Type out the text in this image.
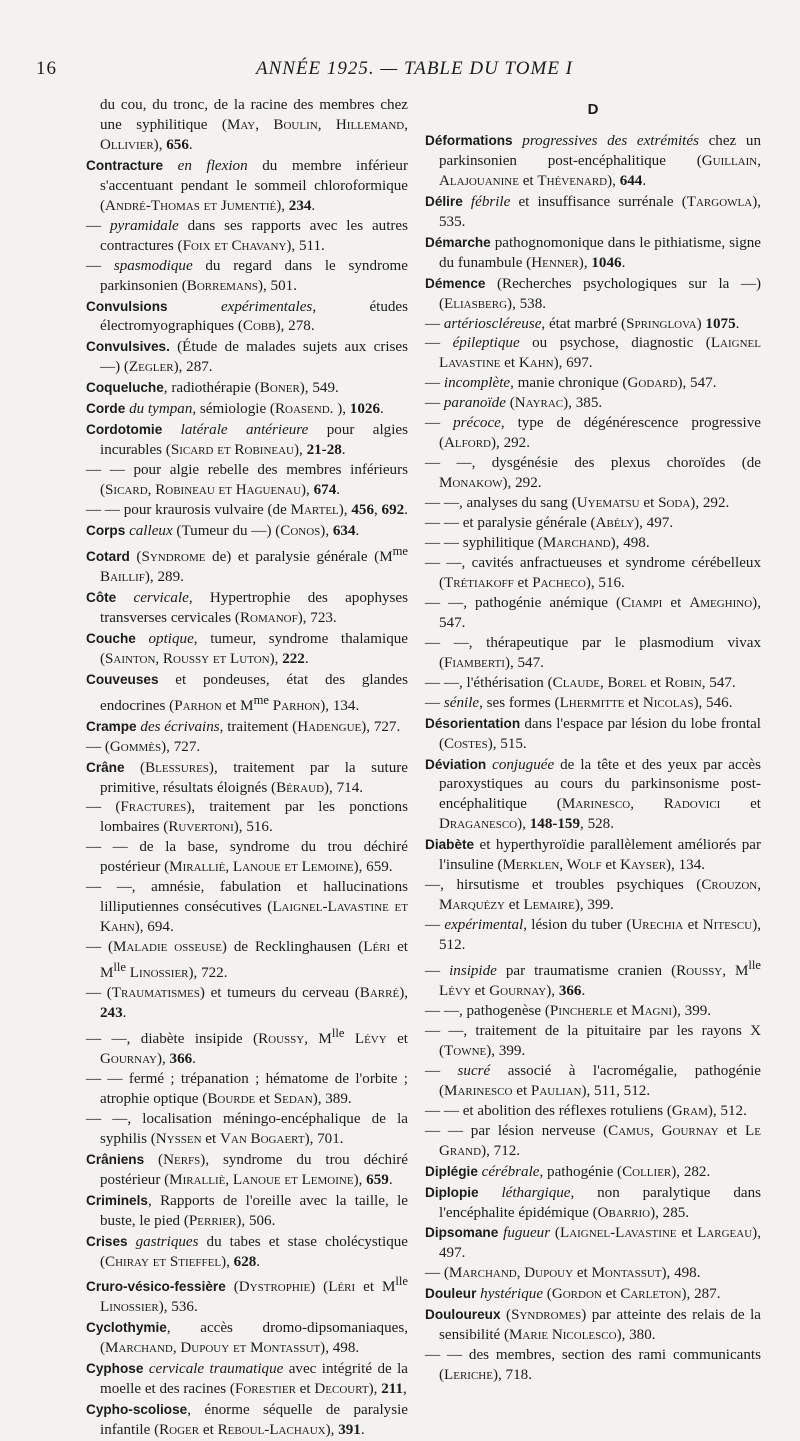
16	ANNÉE 1925. — TABLE DU TOME I

du cou, du tronc, de la racine des membres chez une syphilitique (May, Boulin, Hillemand, Ollivier), 656.

Contracture en flexion du membre inférieur s'accentuant pendant le sommeil chloroformique (André-Thomas et Jumentié), 234.

— pyramidale dans ses rapports avec les autres contractures (Foix et Chavany), 511.

— spasmodique du regard dans le syndrome parkinsonien (Borremans), 501.

Convulsions	expérimentales, études électromyographiques (Cobb), 278.

Convulsives. (Étude de malades sujets aux crises —) (Zegler), 287.

Coqueluche, radiothérapie (Boner), 549.

Corde du tympan, sémiologie (Roasend. ), 1026.

Cordotomie latérale antérieure pour algies incurables (Sicard et Robineau), 21-28.

— — pour algie rebelle des membres inférieurs (Sicard, Robineau et Haguenau), 674.

— — pour kraurosis vulvaire (de Martel), 456, 692.

Corps calleux (Tumeur du —) (Conos), 634.

Cotard (Syndrome de) et paralysie générale ($M^{me}$ Baillif), 289.

Côte cervicale, Hypertrophie des apophyses transverses cervicales (Romanof), 723.

Couche optique, tumeur, syndrome thalamique (Sainton, Roussy et Luton), 222.

Couveuses et pondeuses, état des glandes endocrines (Parhon et $M^{me}$ Parhon), 134.

Crampe des écrivains, traitement (Hadengue), 727.

— (Gommès), 727.

Crâne (Blessures), traitement par la suture primitive, résultats éloignés (Béraud), 714.

— (Fractures), traitement par les ponctions lombaires (Ruvertoni), 516.

— — de la base, syndrome du trou déchiré postérieur (Miralliè, Lanoue et Lemoine), 659.

— —, amnésie, fabulation et hallucinations lilliputiennes consécutives (Laignel-Lavastine et Kahn), 694.

— (Maladie osseuse) de Recklinghausen (Léri et $M^{lle}$ Linossier), 722.

— (Traumatismes) et tumeurs du cerveau (Barré), 243.

— —, diabète insipide (Roussy, $M^{lle}$ Lévy et Gournay), 366.

— — fermé ; trépanation ; hématome de l'orbite ; atrophie optique (Bourde et Sedan), 389.

— —, localisation méningo-encéphalique de la syphilis (Nyssen et Van Bogaert), 701.

Crâniens (Nerfs), syndrome du trou déchiré postérieur (Miralliè, Lanoue et Lemoine), 659.

Criminels, Rapports de l'oreille avec la taille, le buste, le pied (Perrier), 506.

Crises gastriques du tabes et stase cholécystique (Chiray et Stieffel), 628.

Cruro-vésico-fessière (Dystrophie) (Léri et $M^{lle}$ Linossier), 536.

Cyclothymie, accès dromo-dipsomaniaques, (Marchand, Dupouy et Montassut), 498.

Cyphose cervicale traumatique avec intégrité de la moelle et des racines (Forestier et Decourt), 211,

Cypho-scoliose, énorme séquelle de paralysie infantile (Roger et Reboul-Lachaux), 391.

D

Déformations progressives des extrémités chez un parkinsonien post-encéphalitique (Guillain, Alajouanine et Thévenard), 644.

Délire fébrile et insuffisance surrénale (Targowla), 535.

Démarche pathognomonique dans le pithiatisme, signe du funambule (Henner), 1046.

Démence (Recherches psychologiques sur la —) (Eliasberg), 538.

— artérioscléreuse, état marbré (Springlova) 1075.

— épileptique ou psychose, diagnostic (Laignel Lavastine et Kahn), 697.

— incomplète, manie chronique (Godard), 547.

— paranoïde (Nayrac), 385.

— précoce, type de dégénérescence progressive (Alford), 292.

— —, dysgénésie des plexus choroïdes (de Monakow), 292.

— —, analyses du sang (Uyematsu et Soda), 292.

— — et paralysie générale (Abély), 497.

— — syphilitique (Marchand), 498.

— —, cavités anfractueuses et syndrome cérébelleux (Trétiakoff et Pacheco), 516.

— —, pathogénie anémique (Ciampi et Ameghino), 547.

— —, thérapeutique par le plasmodium vivax (Fiamberti), 547.

— —, l'éthérisation (Claude, Borel et Robin, 547.

— sénile, ses formes (Lhermitte et Nicolas), 546.

Désorientation dans l'espace par lésion du lobe frontal (Costes), 515.

Déviation conjuguée de la tête et des yeux par accès paroxystiques au cours du parkinsonisme post-encéphalitique (Marinesco, Radovici et Draganesco), 148-159, 528.

Diabète et hyperthyroïdie parallèlement améliorés par l'insuline (Merklen, Wolf et Kayser), 134.

—, hirsutisme et troubles psychiques (Crouzon, Marquézy et Lemaire), 399.

— expérimental, lésion du tuber (Urechia et Nitescu), 512.

— insipide par traumatisme cranien (Roussy, $M^{lle}$ Lévy et Gournay), 366.

— —, pathogenèse (Pincherle et Magni), 399.

— —, traitement de la pituitaire par les rayons X (Towne), 399.

— sucré associé à l'acromégalie, pathogénie (Marinesco et Paulian), 511, 512.

— — et abolition des réflexes rotuliens (Gram), 512.

— — par lésion nerveuse (Camus, Gournay et Le Grand), 712.

Diplégie cérébrale, pathogénie (Collier), 282.

Diplopie léthargique, non paralytique dans l'encéphalite épidémique (Obarrio), 285.

Dipsomane fugueur (Laignel-Lavastine et Largeau), 497.

— (Marchand, Dupouy et Montassut), 498.

Douleur hystérique (Gordon et Carleton), 287.

Douloureux (Syndromes) par atteinte des relais de la sensibilité (Marie Nicolesco), 380.

— — des membres, section des rami communicants (Leriche), 718.
